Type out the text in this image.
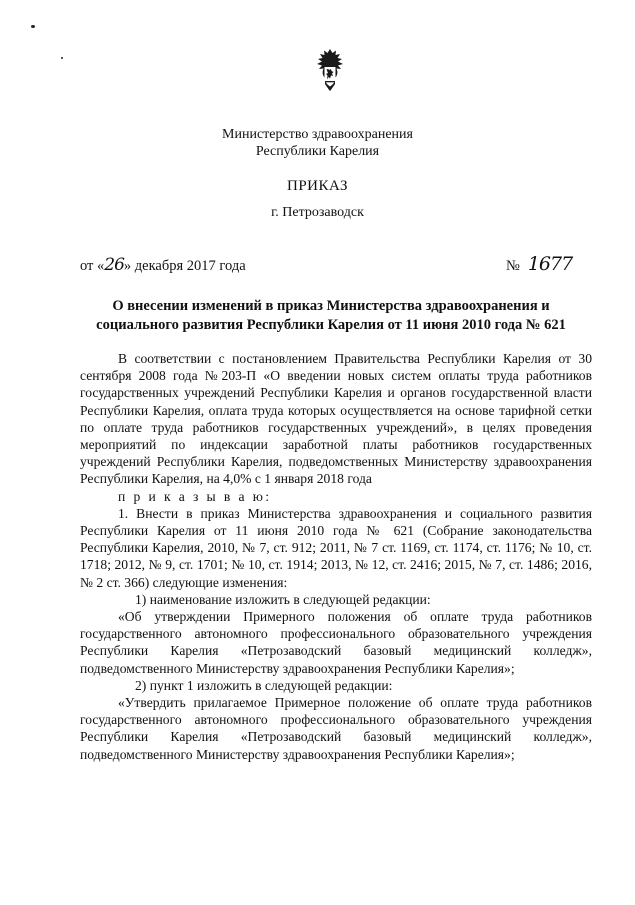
Министерство здравоохранения
Республики Карелия
ПРИКАЗ
г. Петрозаводск
от «26» декабря 2017 года	№ 1677
О внесении изменений в приказ Министерства здравоохранения и
социального развития Республики Карелия от 11 июня 2010 года № 621

В соответствии с постановлением Правительства Республики Карелия от 30 сентября 2008 года №203-П «О введении новых систем оплаты труда работников государственных учреждений Республики Карелия и органов государственной власти Республики Карелия, оплата труда которых осуществляется на основе тарифной сетки по оплате труда работников государственных учреждений», в целях проведения мероприятий по индексации заработной платы работников государственных учреждений Республики Карелия, подведомственных Министерству здравоохранения Республики Карелия, на 4,0% с 1 января 2018 года

п р и к а з ы в а ю:

1. Внести в приказ Министерства здравоохранения и социального развития Республики Карелия от 11 июня 2010 года № 621 (Собрание законодательства Республики Карелия, 2010, № 7, ст. 912; 2011, № 7 ст. 1169, ст. 1174, ст. 1176; № 10, ст. 1718; 2012, № 9, ст. 1701; № 10, ст. 1914; 2013, № 12, ст. 2416; 2015, № 7, ст. 1486; 2016, № 2 ст. 366) следующие изменения:

1) наименование изложить в следующей редакции:

«Об утверждении Примерного положения об оплате труда работников государственного автономного профессионального образовательного учреждения Республики Карелия «Петрозаводский базовый медицинский колледж», подведомственного Министерству здравоохранения Республики Карелия»;

2) пункт 1 изложить в следующей редакции:

«Утвердить прилагаемое Примерное положение об оплате труда работников государственного автономного профессионального образовательного учреждения Республики Карелия «Петрозаводский базовый медицинский колледж», подведомственного Министерству здравоохранения Республики Карелия»;
